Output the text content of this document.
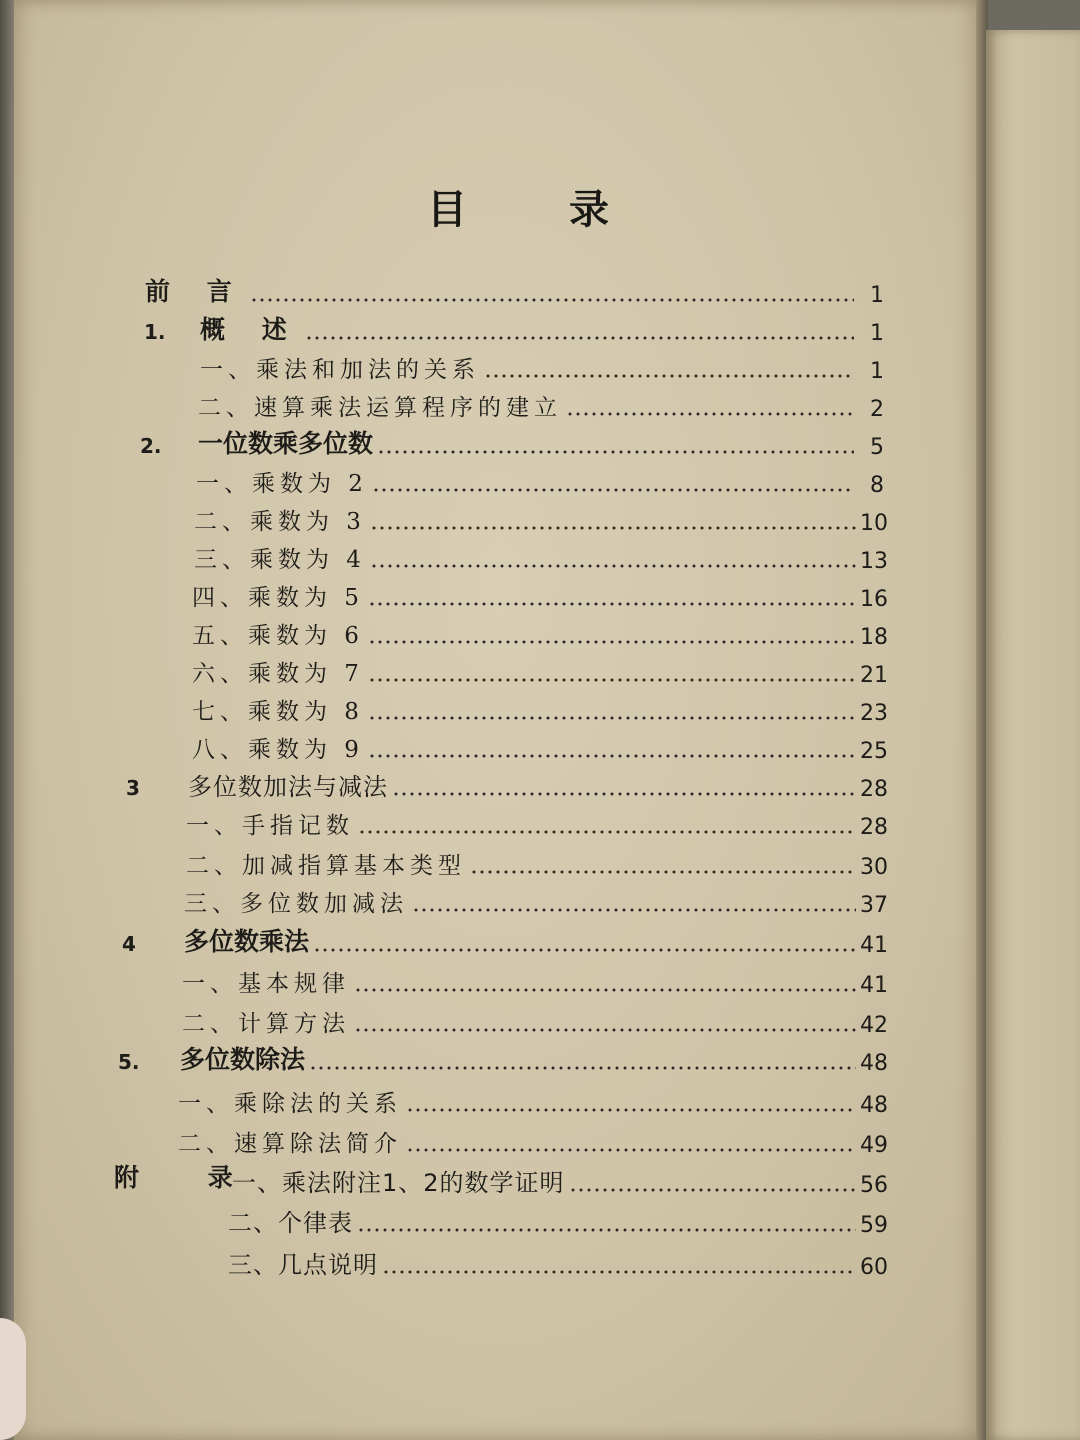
目 录
前 言	1
1. 概 述	1
一、乘法和加法的关系	1
二、速算乘法运算程序的建立	2
2. 一位数乘多位数	5
一、乘数为 2	8
二、乘数为 3	10
三、乘数为 4	13
四、乘数为 5	16
五、乘数为 6	18
六、乘数为 7	21
七、乘数为 8	23
八、乘数为 9	25
3 多位数加法与减法	28
一、手指记数	28
二、加减指算基本类型	30
三、多位数加减法	37
4 多位数乘法	41
一、基本规律	41
二、计算方法	42
5. 多位数除法	48
一、乘除法的关系	48
二、速算除法简介	49
附 录
一、乘法附注1、2的数学证明	56
二、个律表	59
三、几点说明	60
